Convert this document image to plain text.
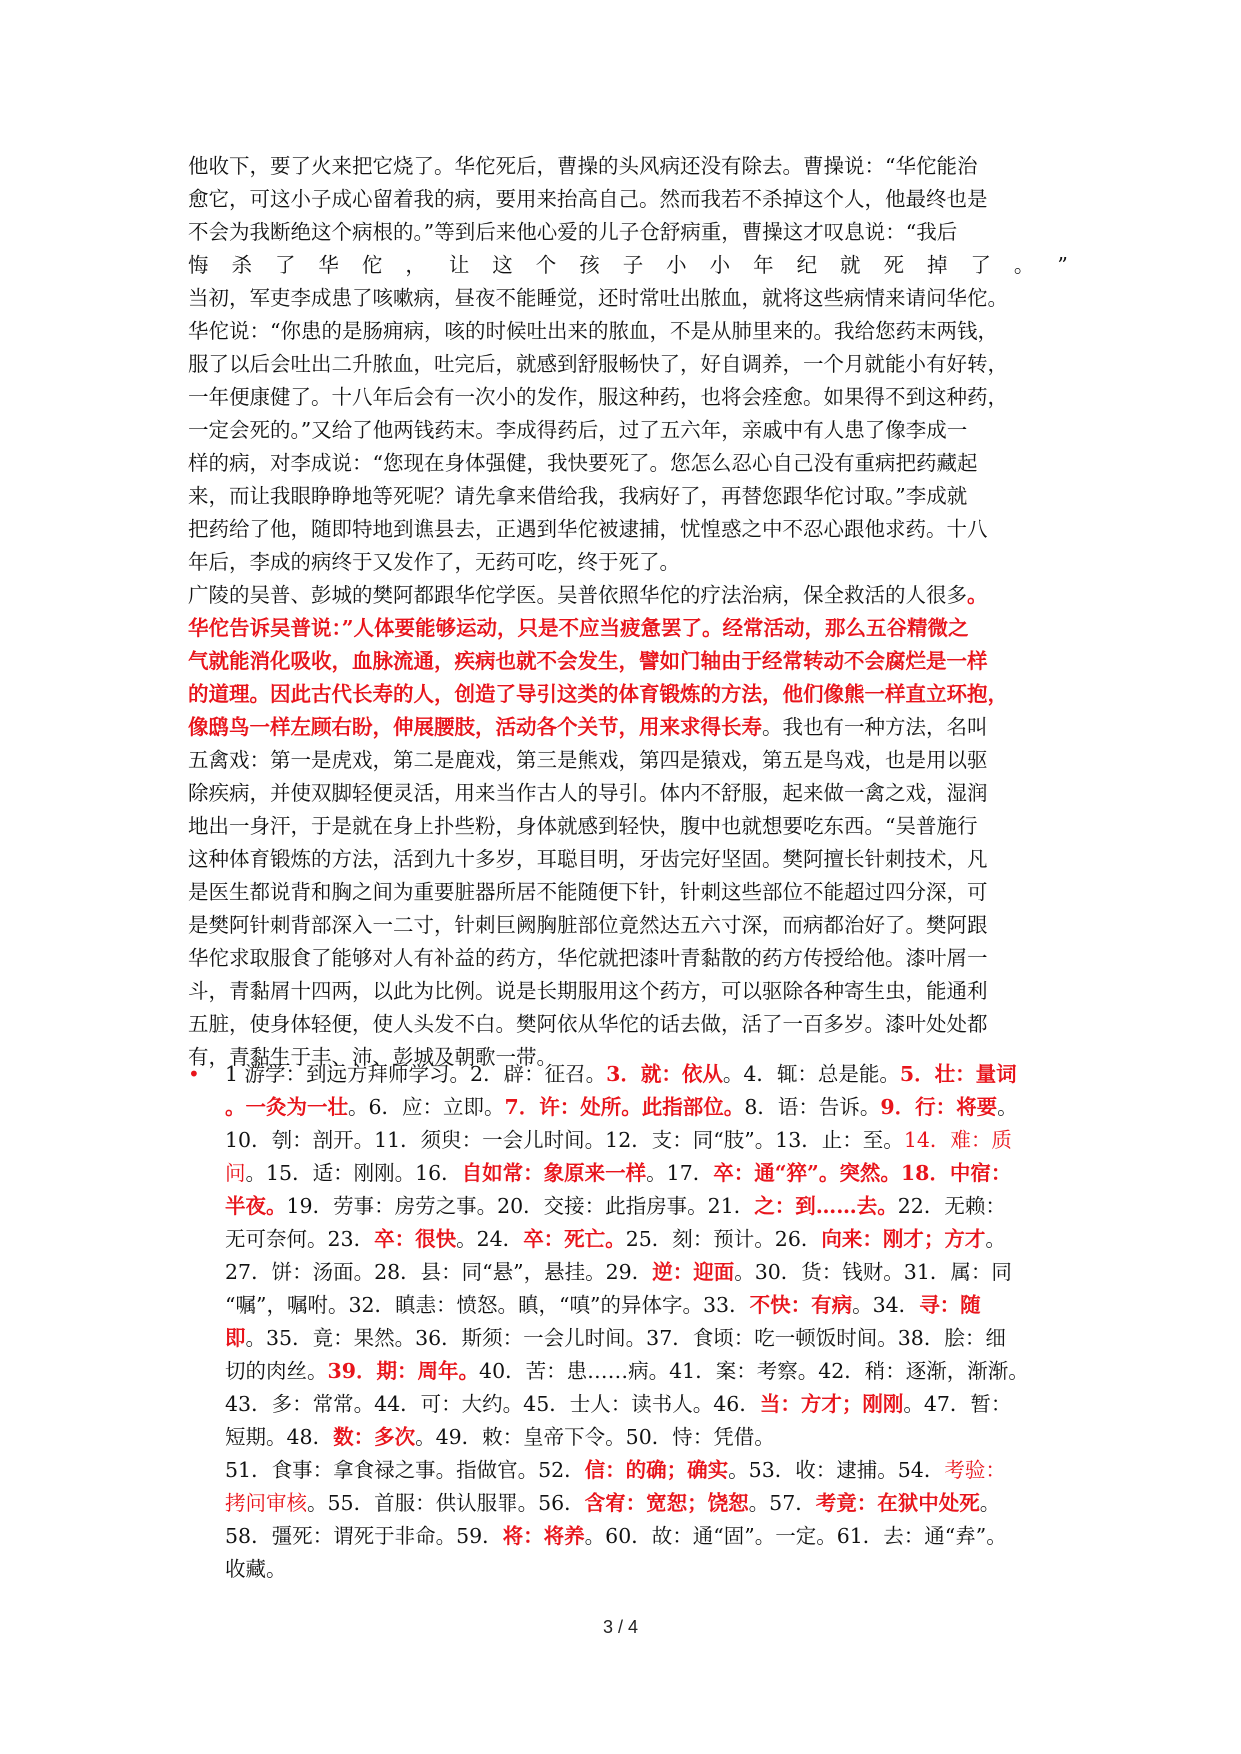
他收下，要了火来把它烧了。华佗死后，曹操的头风病还没有除去。曹操说：“华佗能治
愈它，可这小子成心留着我的病，要用来抬高自己。然而我若不杀掉这个人，他最终也是
不会为我断绝这个病根的。”等到后来他心爱的儿子仓舒病重，曹操这才叹息说：“我后
悔 杀 了 华 佗 ， 让 这 个 孩 子 小 小 年 纪 就 死 掉 了 。 ”
当初，军吏李成患了咳嗽病，昼夜不能睡觉，还时常吐出脓血，就将这些病情来请问华佗。
华佗说：“你患的是肠痈病，咳的时候吐出来的脓血，不是从肺里来的。我给您药末两钱，
服了以后会吐出二升脓血，吐完后，就感到舒服畅快了，好自调养，一个月就能小有好转，
一年便康健了。十八年后会有一次小的发作，服这种药，也将会痊愈。如果得不到这种药，
一定会死的。”又给了他两钱药末。李成得药后，过了五六年，亲戚中有人患了像李成一
样的病，对李成说：“您现在身体强健，我快要死了。您怎么忍心自己没有重病把药藏起
来，而让我眼睁睁地等死呢？请先拿来借给我，我病好了，再替您跟华佗讨取。”李成就
把药给了他，随即特地到谯县去，正遇到华佗被逮捕，忧惶惑之中不忍心跟他求药。十八
年后，李成的病终于又发作了，无药可吃，终于死了。
广陵的吴普、彭城的樊阿都跟华佗学医。吴普依照华佗的疗法治病，保全救活的人很多。
华佗告诉吴普说：”人体要能够运动，只是不应当疲惫罢了。经常活动，那么五谷精微之
气就能消化吸收，血脉流通，疾病也就不会发生，譬如门轴由于经常转动不会腐烂是一样
的道理。因此古代长寿的人，创造了导引这类的体育锻炼的方法，他们像熊一样直立环抱，
像鸱鸟一样左顾右盼，伸展腰肢，活动各个关节，用来求得长寿。我也有一种方法，名叫
五禽戏：第一是虎戏，第二是鹿戏，第三是熊戏，第四是猿戏，第五是鸟戏，也是用以驱
除疾病，并使双脚轻便灵活，用来当作古人的导引。体内不舒服，起来做一禽之戏，湿润
地出一身汗，于是就在身上扑些粉，身体就感到轻快，腹中也就想要吃东西。“吴普施行
这种体育锻炼的方法，活到九十多岁，耳聪目明，牙齿完好坚固。樊阿擅长针刺技术，凡
是医生都说背和胸之间为重要脏器所居不能随便下针，针刺这些部位不能超过四分深，可
是樊阿针刺背部深入一二寸，针刺巨阙胸脏部位竟然达五六寸深，而病都治好了。樊阿跟
华佗求取服食了能够对人有补益的药方，华佗就把漆叶青黏散的药方传授给他。漆叶屑一
斗，青黏屑十四两，以此为比例。说是长期服用这个药方，可以驱除各种寄生虫，能通利
五脏，使身体轻便，使人头发不白。樊阿依从华佗的话去做，活了一百多岁。漆叶处处都
有，青黏生于丰、沛、彭城及朝歌一带。
•	1 游学：到远方拜师学习。2．辟：征召。3．就：依从。4．辄：总是能。5．壮：量词
。一灸为一壮。6．应：立即。7．许：处所。此指部位。8．语：告诉。9．行：将要。
10．刳：剖开。11．须臾：一会儿时间。12．支：同“肢”。13．止：至。14．难：质
问。15．适：刚刚。16．自如常：象原来一样。17．卒：通“猝”。突然。18．中宿：
半夜。19．劳事：房劳之事。20．交接：此指房事。21．之：到……去。22．无赖：
无可奈何。23．卒：很快。24．卒：死亡。25．刻：预计。26．向来：刚才；方才。
27．饼：汤面。28．县：同“悬”，悬挂。29．逆：迎面。30．货：钱财。31．属：同
“嘱”，嘱咐。32．瞋恚：愤怒。瞋，“嗔”的异体字。33．不快：有病。34．寻：随
即。35．竟：果然。36．斯须：一会儿时间。37．食顷：吃一顿饭时间。38．脍：细
切的肉丝。39．期：周年。40．苦：患……病。41．案：考察。42．稍：逐渐，渐渐。
43．多：常常。44．可：大约。45．士人：读书人。46．当：方才；刚刚。47．暂：
短期。48．数：多次。49．敕：皇帝下令。50．恃：凭借。
51．食事：拿食禄之事。指做官。52．信：的确；确实。53．收：逮捕。54．考验：
拷问审核。55．首服：供认服罪。56．含宥：宽恕；饶恕。57．考竟：在狱中处死。
58．彊死：谓死于非命。59．将：将养。60．故：通“固”。一定。61．去：通“弆”。
收藏。
3 / 4
